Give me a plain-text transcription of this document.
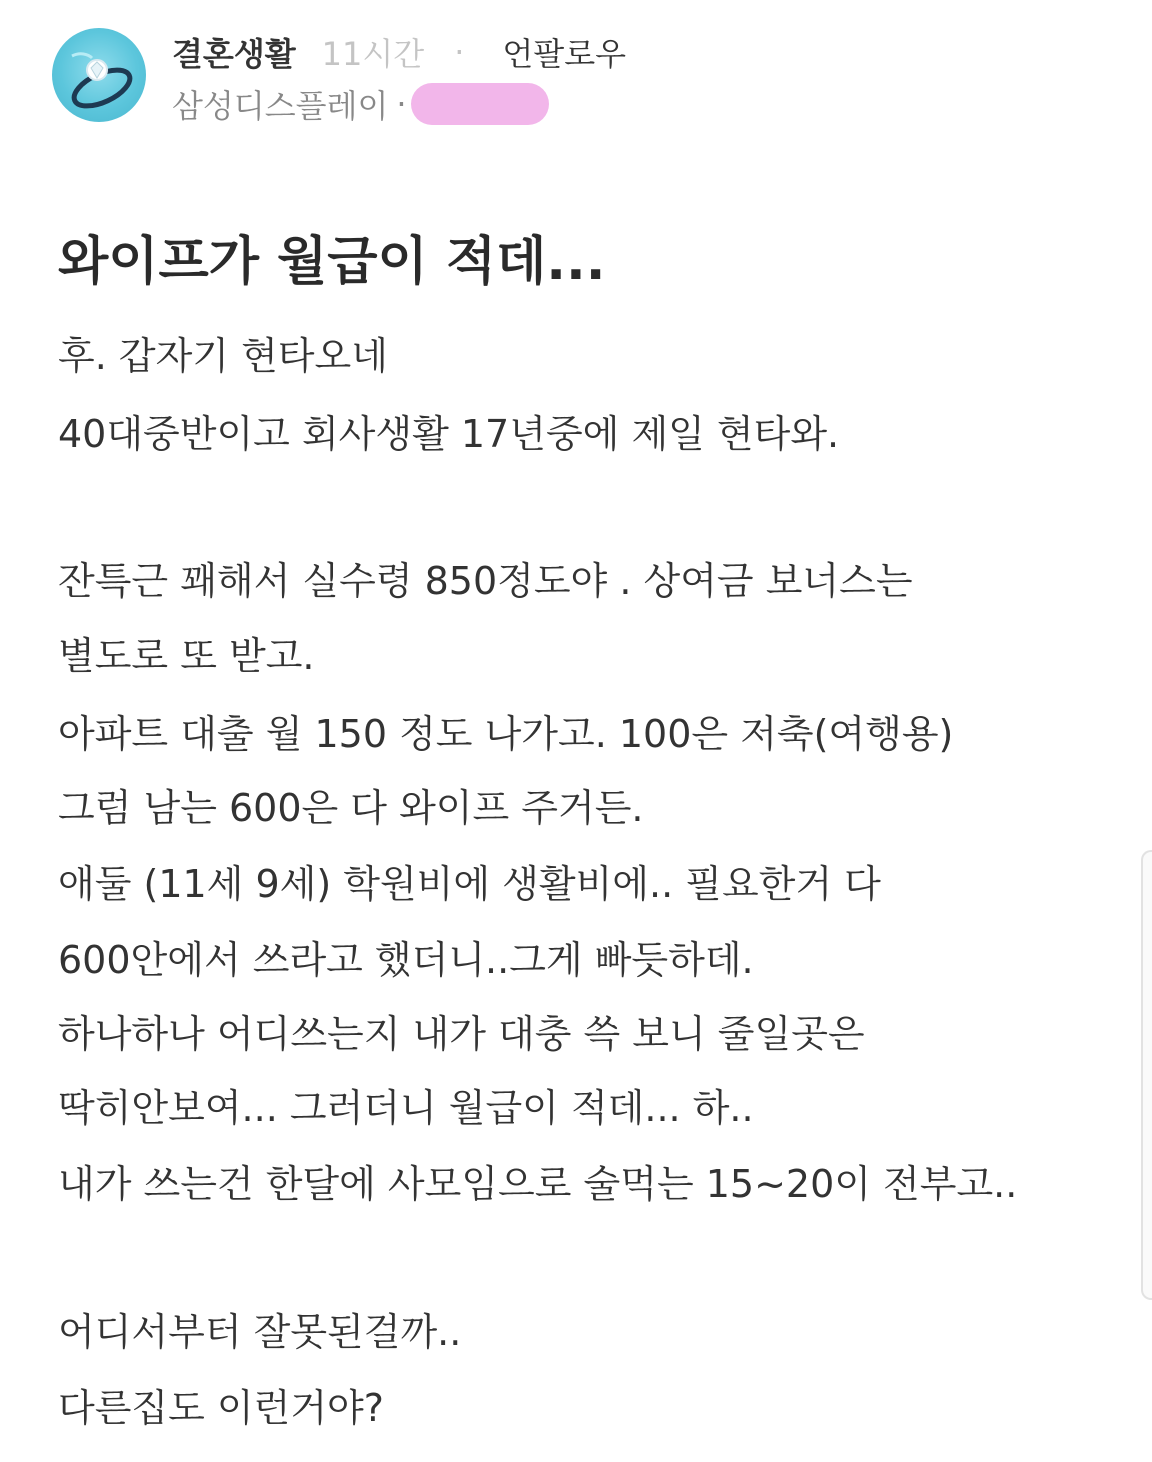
결혼생활 11시간 · 언팔로우
삼성디스플레이 ·
와이프가 월급이 적데...

후. 갑자기 현타오네

40대중반이고 회사생활 17년중에 제일 현타와.

잔특근 꽤해서 실수령 850정도야 . 상여금 보너스는

별도로 또 받고.

아파트 대출 월 150 정도 나가고. 100은 저축(여행용)

그럼 남는 600은 다 와이프 주거든.

애둘 (11세 9세) 학원비에 생활비에.. 필요한거 다

600안에서 쓰라고 했더니..그게 빠듯하데.

하나하나 어디쓰는지 내가 대충 쓱 보니 줄일곳은

딱히안보여... 그러더니 월급이 적데... 하..

내가 쓰는건 한달에 사모임으로 술먹는 15~20이 전부고..

어디서부터 잘못된걸까..

다른집도 이런거야?
